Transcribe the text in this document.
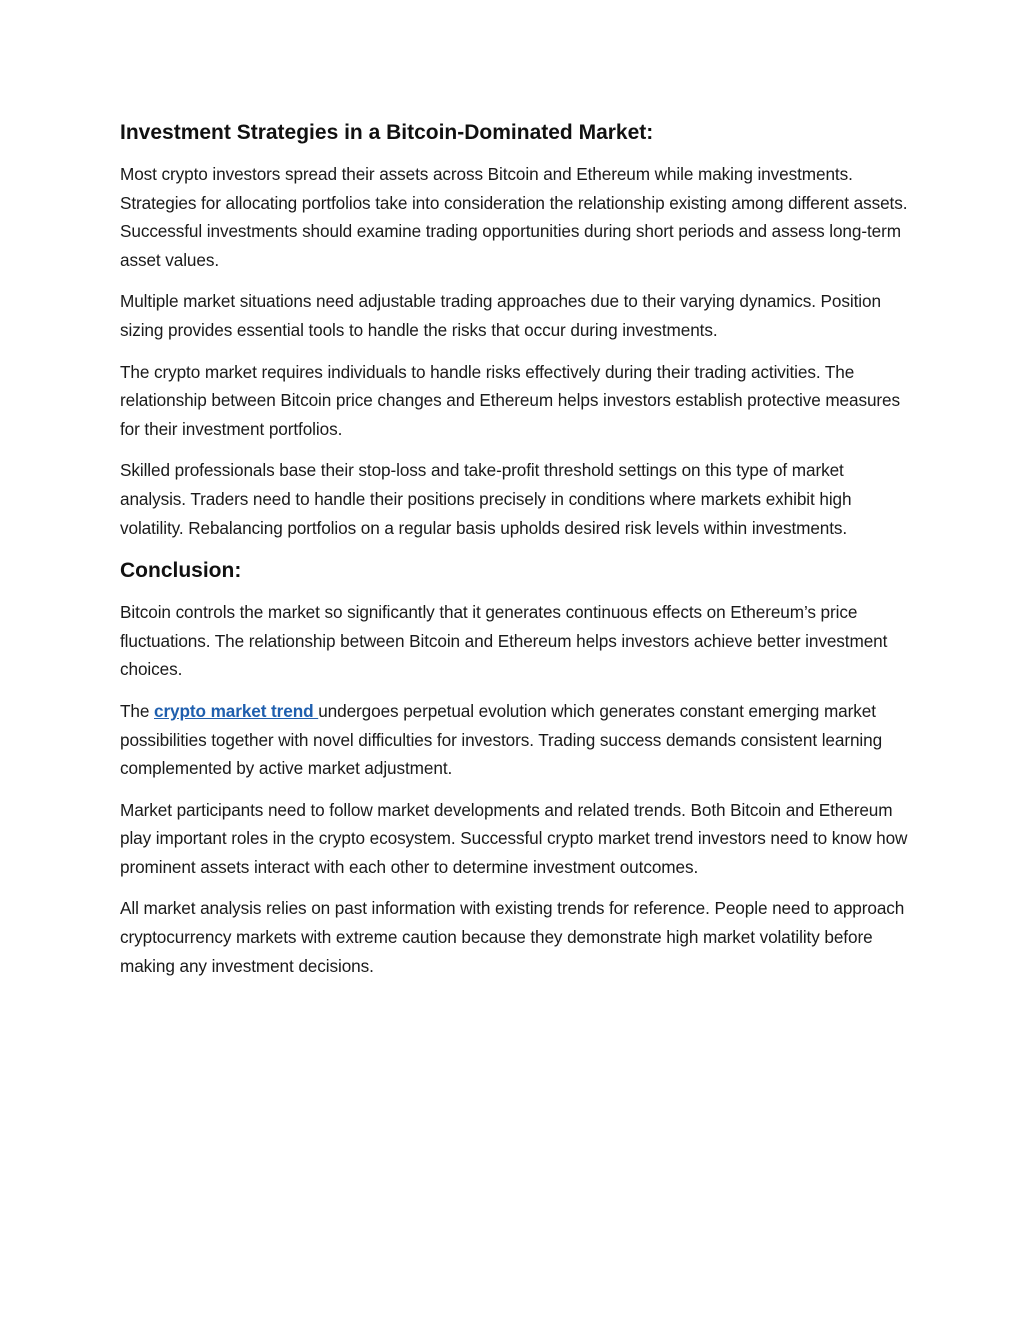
Investment Strategies in a Bitcoin-Dominated Market:

Most crypto investors spread their assets across Bitcoin and Ethereum while making investments. Strategies for allocating portfolios take into consideration the relationship existing among different assets. Successful investments should examine trading opportunities during short periods and assess long-term asset values.

Multiple market situations need adjustable trading approaches due to their varying dynamics. Position sizing provides essential tools to handle the risks that occur during investments.

The crypto market requires individuals to handle risks effectively during their trading activities. The relationship between Bitcoin price changes and Ethereum helps investors establish protective measures for their investment portfolios.

Skilled professionals base their stop-loss and take-profit threshold settings on this type of market analysis. Traders need to handle their positions precisely in conditions where markets exhibit high volatility. Rebalancing portfolios on a regular basis upholds desired risk levels within investments.

Conclusion:

Bitcoin controls the market so significantly that it generates continuous effects on Ethereum’s price fluctuations. The relationship between Bitcoin and Ethereum helps investors achieve better investment choices.

The crypto market trend undergoes perpetual evolution which generates constant emerging market possibilities together with novel difficulties for investors. Trading success demands consistent learning complemented by active market adjustment.

Market participants need to follow market developments and related trends. Both Bitcoin and Ethereum play important roles in the crypto ecosystem. Successful crypto market trend investors need to know how prominent assets interact with each other to determine investment outcomes.

All market analysis relies on past information with existing trends for reference. People need to approach cryptocurrency markets with extreme caution because they demonstrate high market volatility before making any investment decisions.
